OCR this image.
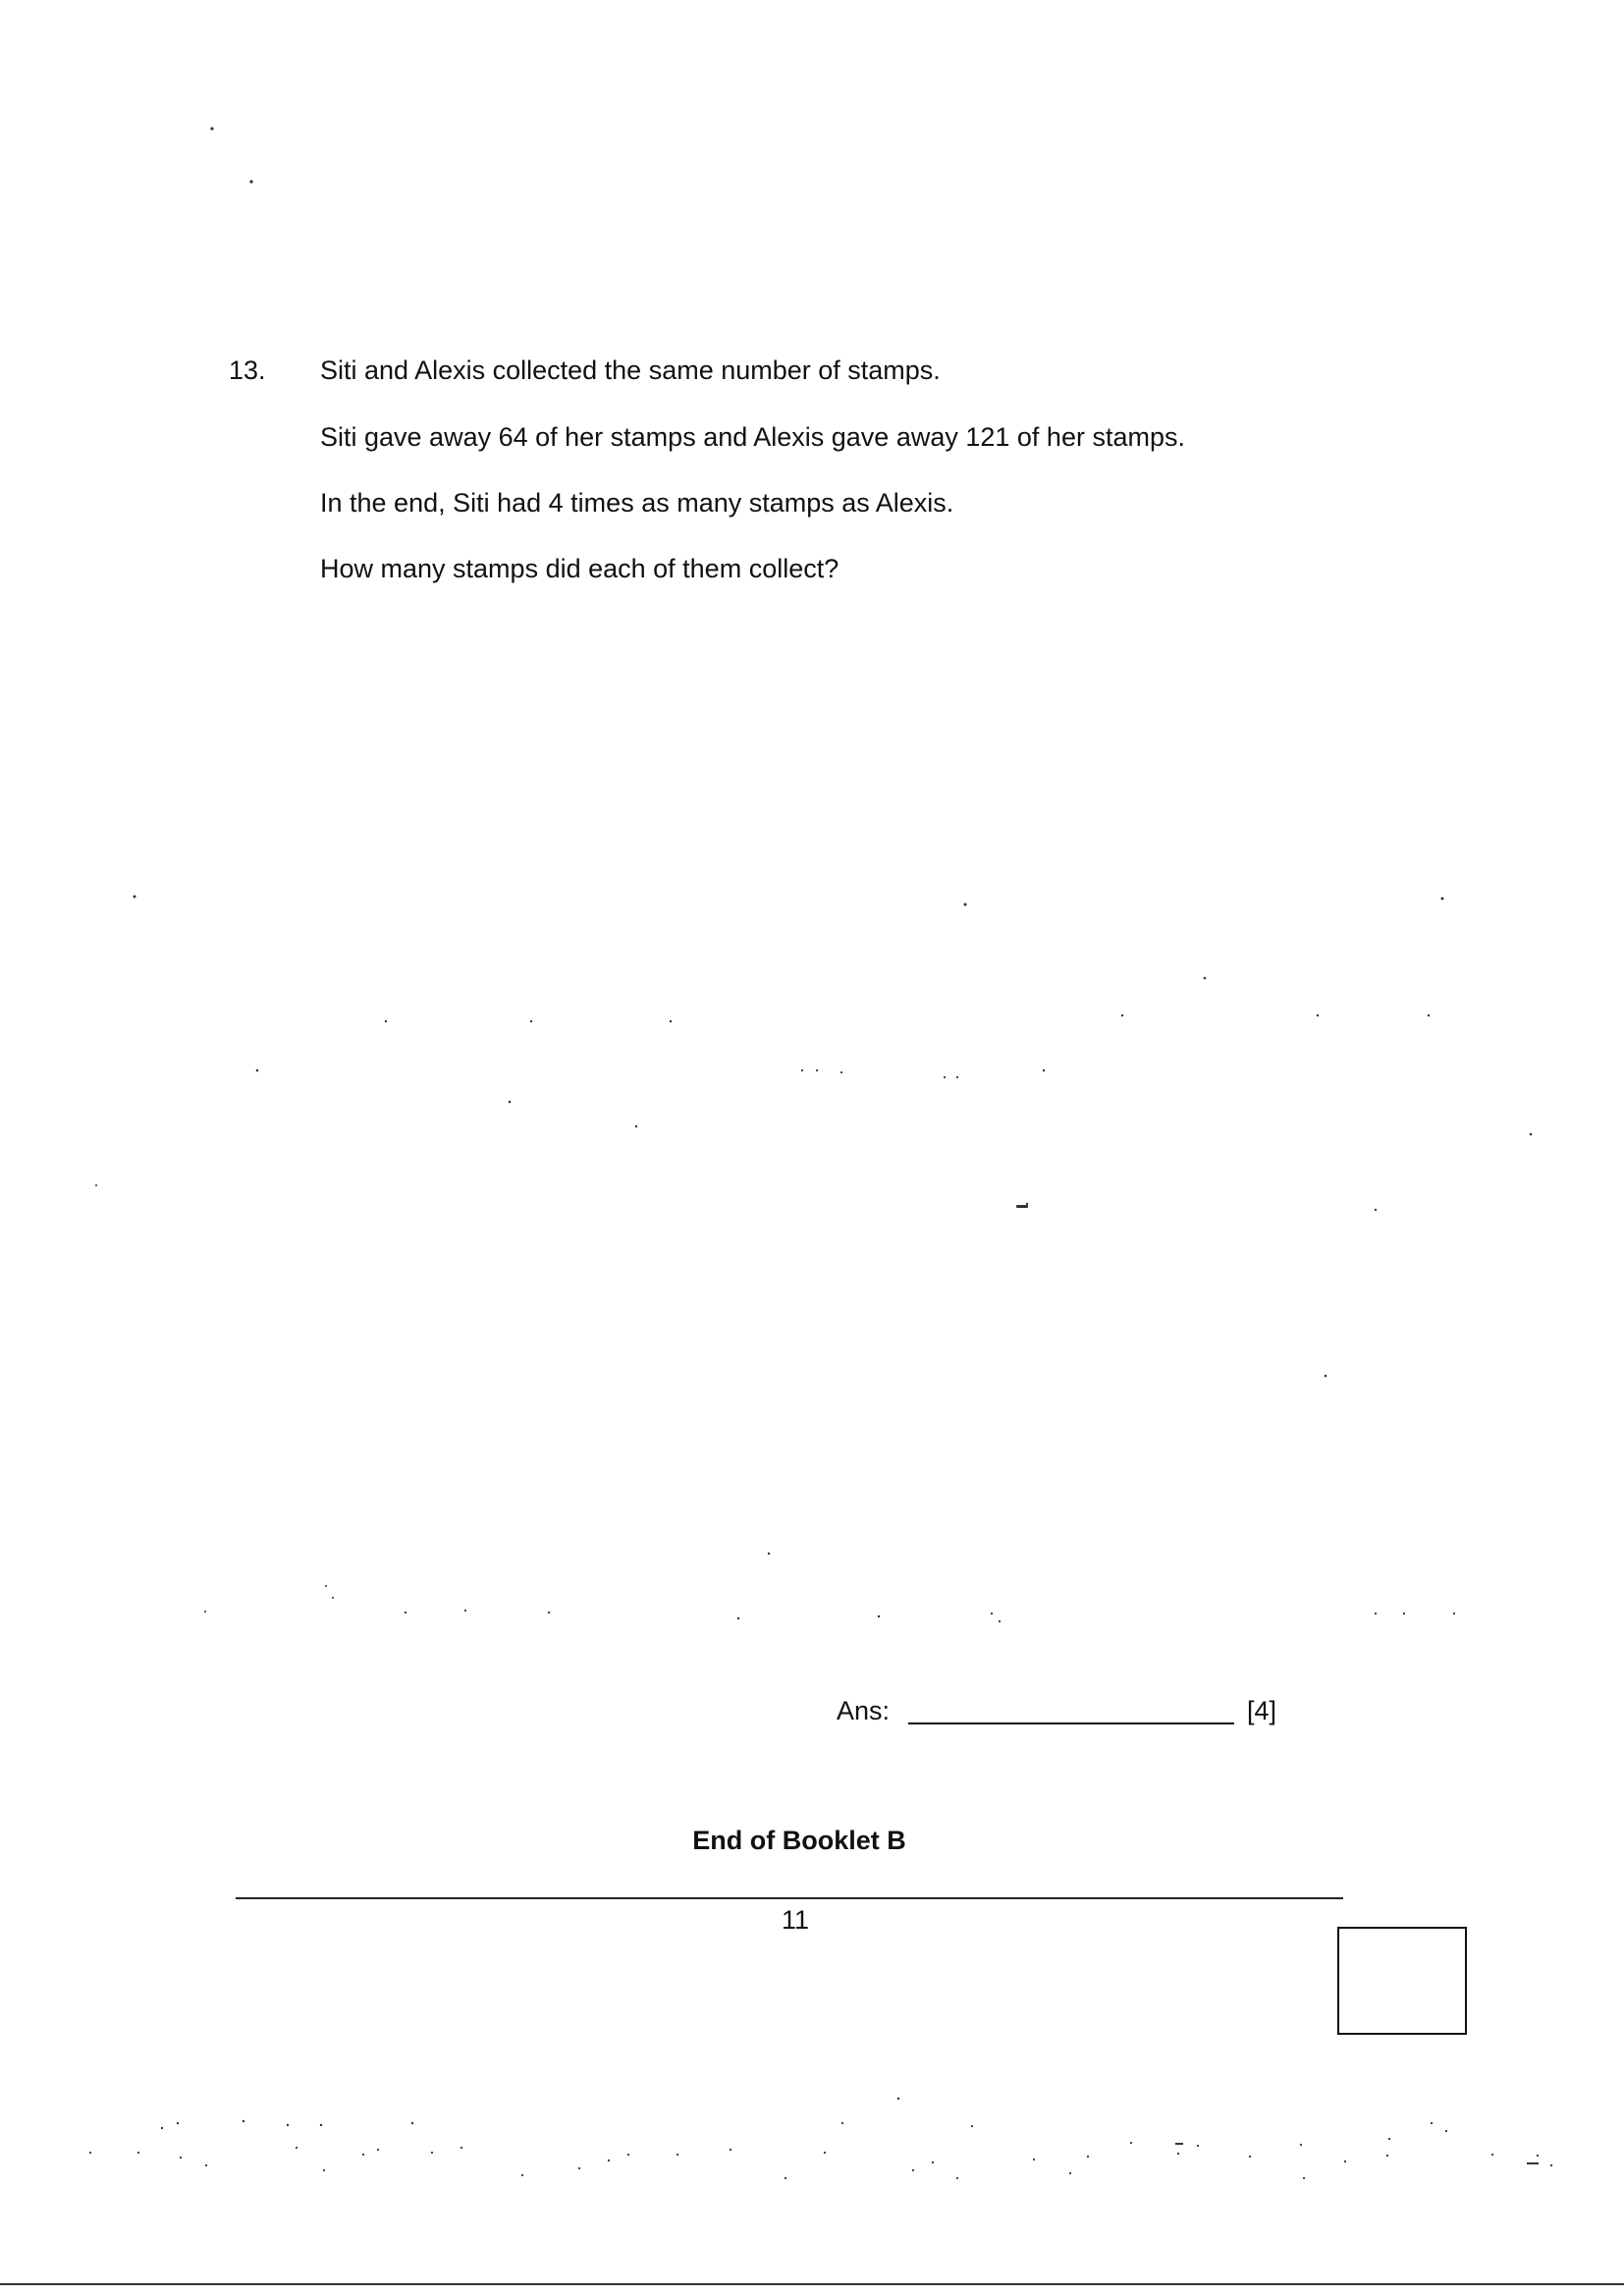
13. Siti and Alexis collected the same number of stamps.
Siti gave away 64 of her stamps and Alexis gave away 121 of her stamps.
In the end, Siti had 4 times as many stamps as Alexis.
How many stamps did each of them collect?
Ans:	[4]
End of Booklet B
11
